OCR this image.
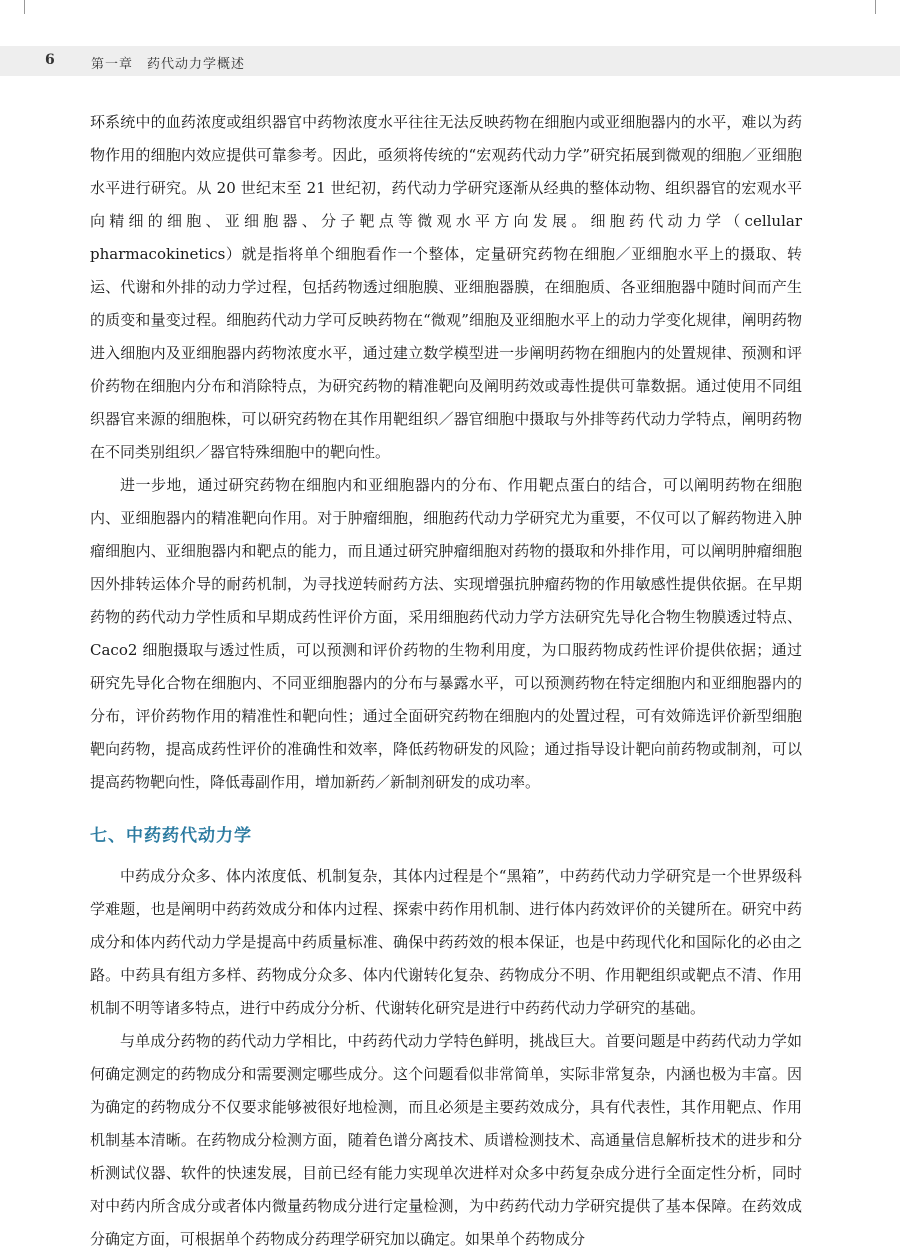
6	第一章　药代动力学概述

环系统中的血药浓度或组织器官中药物浓度水平往往无法反映药物在细胞内或亚细胞器内的水平，难以为药物作用的细胞内效应提供可靠参考。因此，亟须将传统的“宏观药代动力学”研究拓展到微观的细胞／亚细胞水平进行研究。从 20 世纪末至 21 世纪初，药代动力学研究逐渐从经典的整体动物、组织器官的宏观水平向精细的细胞、亚细胞器、分子靶点等微观水平方向发展。细胞药代动力学（cellular pharmacokinetics）就是指将单个细胞看作一个整体，定量研究药物在细胞／亚细胞水平上的摄取、转运、代谢和外排的动力学过程，包括药物透过细胞膜、亚细胞器膜，在细胞质、各亚细胞器中随时间而产生的质变和量变过程。细胞药代动力学可反映药物在“微观”细胞及亚细胞水平上的动力学变化规律，阐明药物进入细胞内及亚细胞器内药物浓度水平，通过建立数学模型进一步阐明药物在细胞内的处置规律、预测和评价药物在细胞内分布和消除特点，为研究药物的精准靶向及阐明药效或毒性提供可靠数据。通过使用不同组织器官来源的细胞株，可以研究药物在其作用靶组织／器官细胞中摄取与外排等药代动力学特点，阐明药物在不同类别组织／器官特殊细胞中的靶向性。

进一步地，通过研究药物在细胞内和亚细胞器内的分布、作用靶点蛋白的结合，可以阐明药物在细胞内、亚细胞器内的精准靶向作用。对于肿瘤细胞，细胞药代动力学研究尤为重要，不仅可以了解药物进入肿瘤细胞内、亚细胞器内和靶点的能力，而且通过研究肿瘤细胞对药物的摄取和外排作用，可以阐明肿瘤细胞因外排转运体介导的耐药机制，为寻找逆转耐药方法、实现增强抗肿瘤药物的作用敏感性提供依据。在早期药物的药代动力学性质和早期成药性评价方面，采用细胞药代动力学方法研究先导化合物生物膜透过特点、Caco2 细胞摄取与透过性质，可以预测和评价药物的生物利用度，为口服药物成药性评价提供依据；通过研究先导化合物在细胞内、不同亚细胞器内的分布与暴露水平，可以预测药物在特定细胞内和亚细胞器内的分布，评价药物作用的精准性和靶向性；通过全面研究药物在细胞内的处置过程，可有效筛选评价新型细胞靶向药物，提高成药性评价的准确性和效率，降低药物研发的风险；通过指导设计靶向前药物或制剂，可以提高药物靶向性，降低毒副作用，增加新药／新制剂研发的成功率。

七、中药药代动力学

中药成分众多、体内浓度低、机制复杂，其体内过程是个“黑箱”，中药药代动力学研究是一个世界级科学难题，也是阐明中药药效成分和体内过程、探索中药作用机制、进行体内药效评价的关键所在。研究中药成分和体内药代动力学是提高中药质量标准、确保中药药效的根本保证，也是中药现代化和国际化的必由之路。中药具有组方多样、药物成分众多、体内代谢转化复杂、药物成分不明、作用靶组织或靶点不清、作用机制不明等诸多特点，进行中药成分分析、代谢转化研究是进行中药药代动力学研究的基础。

与单成分药物的药代动力学相比，中药药代动力学特色鲜明，挑战巨大。首要问题是中药药代动力学如何确定测定的药物成分和需要测定哪些成分。这个问题看似非常简单，实际非常复杂，内涵也极为丰富。因为确定的药物成分不仅要求能够被很好地检测，而且必须是主要药效成分，具有代表性，其作用靶点、作用机制基本清晰。在药物成分检测方面，随着色谱分离技术、质谱检测技术、高通量信息解析技术的进步和分析测试仪器、软件的快速发展，目前已经有能力实现单次进样对众多中药复杂成分进行全面定性分析，同时对中药内所含成分或者体内微量药物成分进行定量检测，为中药药代动力学研究提供了基本保障。在药效成分确定方面，可根据单个药物成分药理学研究加以确定。如果单个药物成分
